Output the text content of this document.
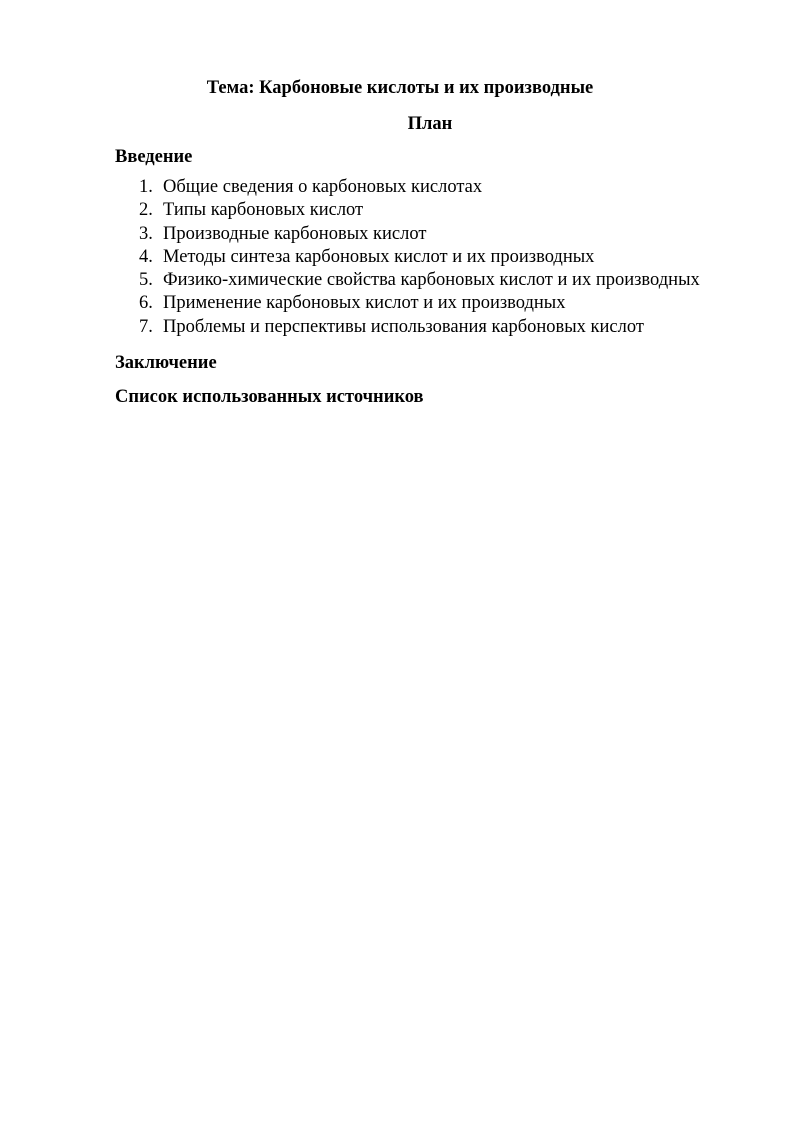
Тема: Карбоновые кислоты и их производные
План
Введение
1. Общие сведения о карбоновых кислотах
2. Типы карбоновых кислот
3. Производные карбоновых кислот
4. Методы синтеза карбоновых кислот и их производных
5. Физико-химические свойства карбоновых кислот и их производных
6. Применение карбоновых кислот и их производных
7. Проблемы и перспективы использования карбоновых кислот
Заключение
Список использованных источников
